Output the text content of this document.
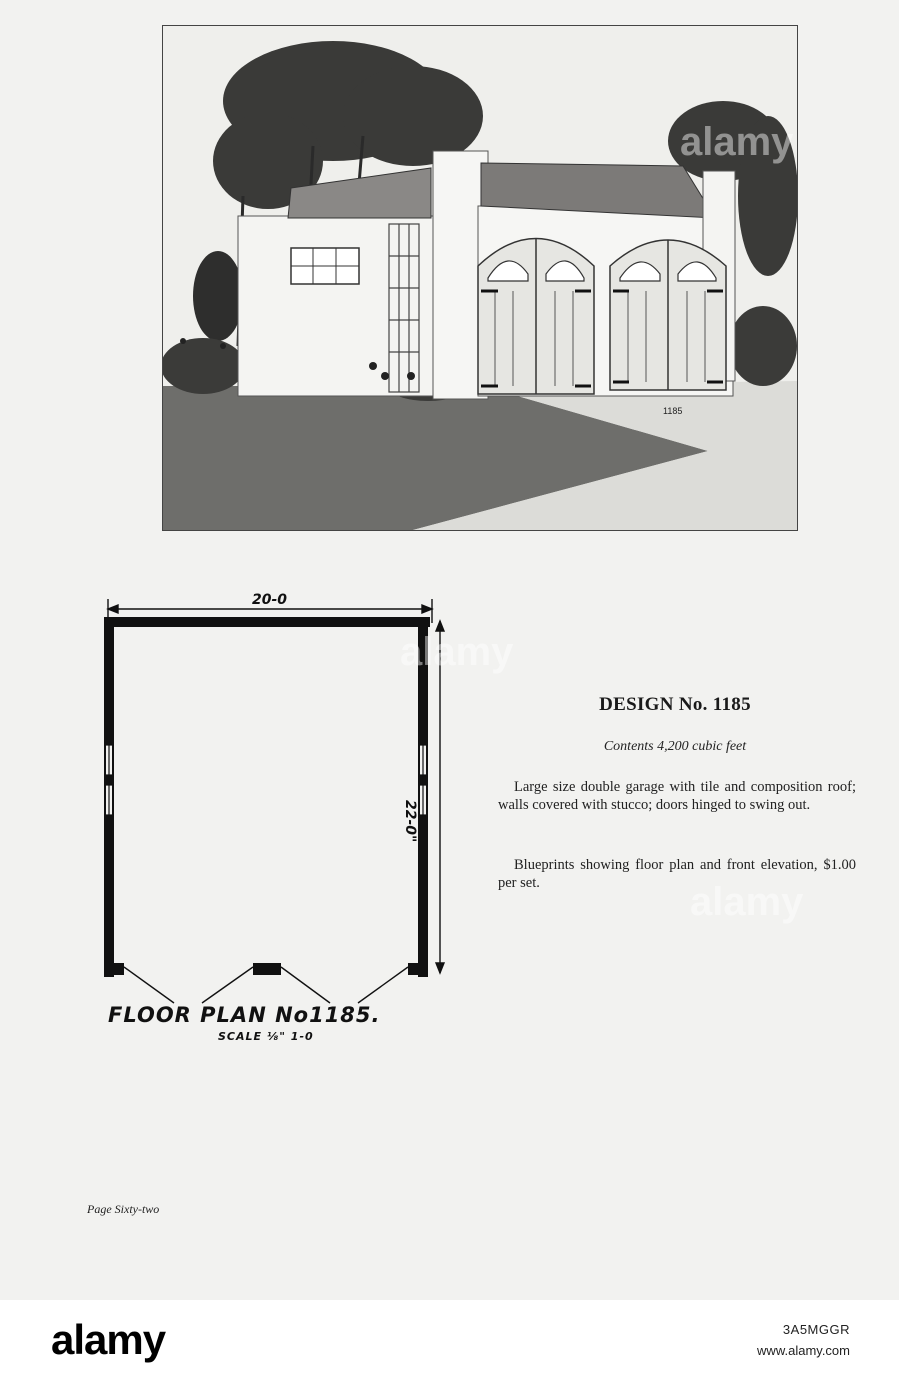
1185
20-0
22-0"
FLOOR PLAN No1185.
SCALE ⅛" 1-0
DESIGN No. 1185
Contents 4,200 cubic feet

Large size double garage with tile and composition roof; walls covered with stucco; doors hinged to swing out.

Blueprints showing floor plan and front elevation, $1.00 per set.

Page Sixty-two
alamy
alamy
alamy
alamy	3A5MGGR
www.alamy.com
